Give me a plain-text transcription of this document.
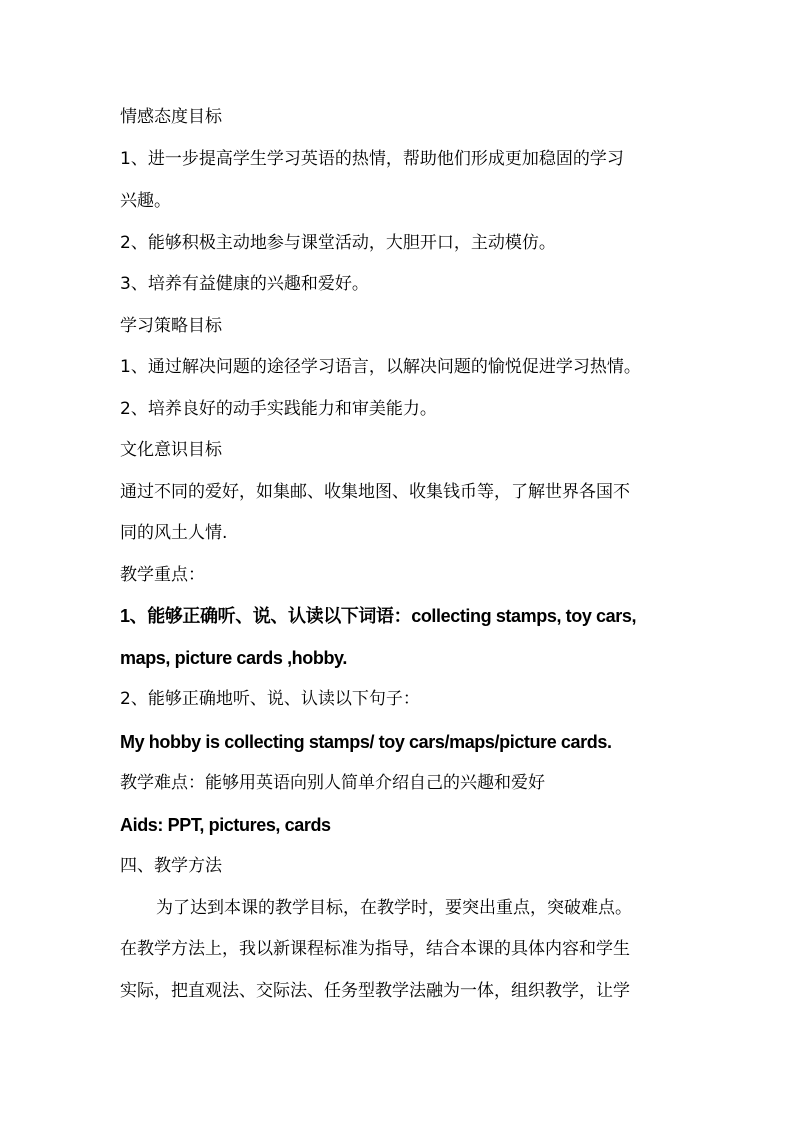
情感态度目标
1、进一步提高学生学习英语的热情，帮助他们形成更加稳固的学习
兴趣。
2、能够积极主动地参与课堂活动，大胆开口，主动模仿。
3、培养有益健康的兴趣和爱好。
学习策略目标
1、通过解决问题的途径学习语言，以解决问题的愉悦促进学习热情。
2、培养良好的动手实践能力和审美能力。
文化意识目标
通过不同的爱好，如集邮、收集地图、收集钱币等，了解世界各国不
同的风土人情.
教学重点：
1、能够正确听、说、认读以下词语：collecting stamps, toy cars,
maps, picture cards ,hobby.
2、能够正确地听、说、认读以下句子：
My hobby is collecting stamps/ toy cars/maps/picture cards.
教学难点：能够用英语向别人简单介绍自己的兴趣和爱好
Aids: PPT, pictures, cards
四、教学方法
为了达到本课的教学目标，在教学时，要突出重点，突破难点。
在教学方法上，我以新课程标准为指导，结合本课的具体内容和学生
实际，把直观法、交际法、任务型教学法融为一体，组织教学，让学
